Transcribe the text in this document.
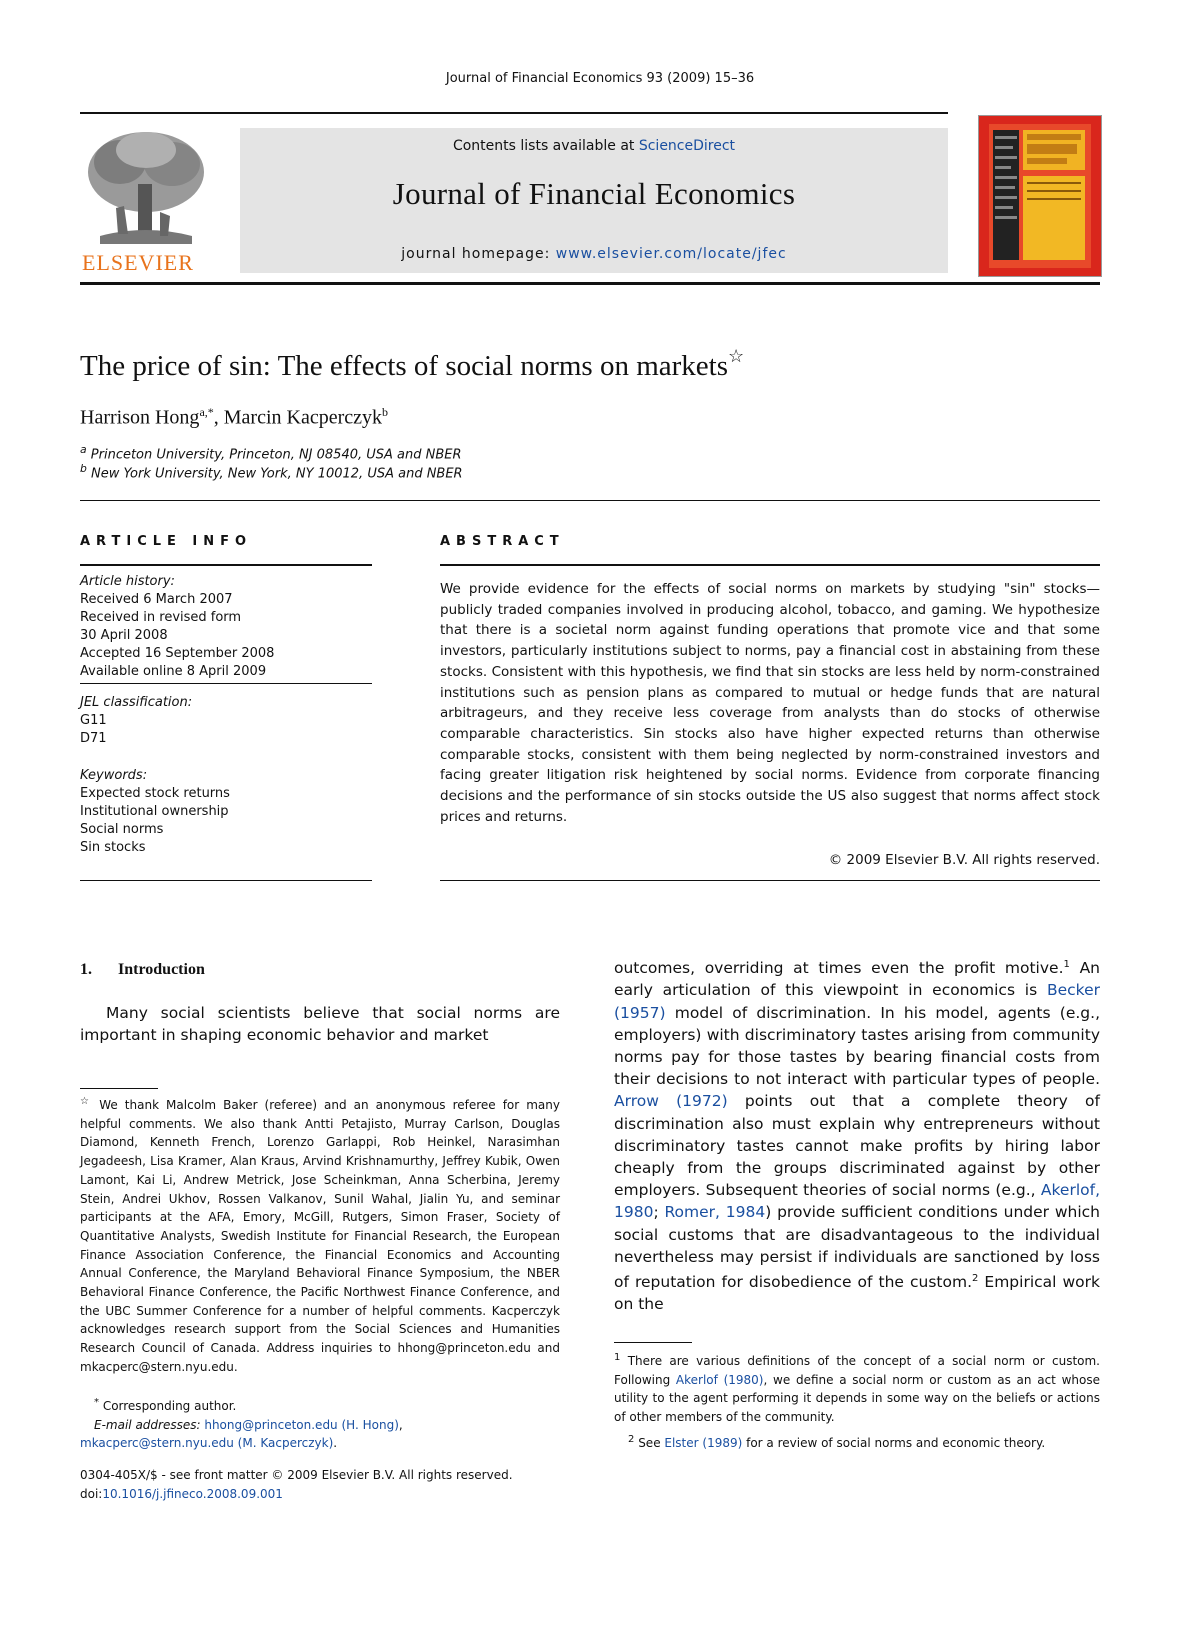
Journal of Financial Economics 93 (2009) 15–36
ELSEVIER
Contents lists available at ScienceDirect
Journal of Financial Economics
journal homepage: www.elsevier.com/locate/jfec
The price of sin: The effects of social norms on markets☆
Harrison Hong$^{a,*}$, Marcin Kacperczyk$^b$
$^a$ Princeton University, Princeton, NJ 08540, USA and NBER
$^b$ New York University, New York, NY 10012, USA and NBER
ARTICLE INFO
Article history:
Received 6 March 2007
Received in revised form
30 April 2008
Accepted 16 September 2008
Available online 8 April 2009
JEL classification:
G11
D71
Keywords:
Expected stock returns
Institutional ownership
Social norms
Sin stocks
ABSTRACT
We provide evidence for the effects of social norms on markets by studying "sin" stocks—publicly traded companies involved in producing alcohol, tobacco, and gaming. We hypothesize that there is a societal norm against funding operations that promote vice and that some investors, particularly institutions subject to norms, pay a financial cost in abstaining from these stocks. Consistent with this hypothesis, we find that sin stocks are less held by norm-constrained institutions such as pension plans as compared to mutual or hedge funds that are natural arbitrageurs, and they receive less coverage from analysts than do stocks of otherwise comparable characteristics. Sin stocks also have higher expected returns than otherwise comparable stocks, consistent with them being neglected by norm-constrained investors and facing greater litigation risk heightened by social norms. Evidence from corporate financing decisions and the performance of sin stocks outside the US also suggest that norms affect stock prices and returns.
© 2009 Elsevier B.V. All rights reserved.
1. Introduction
Many social scientists believe that social norms are important in shaping economic behavior and market
☆ We thank Malcolm Baker (referee) and an anonymous referee for many helpful comments. We also thank Antti Petajisto, Murray Carlson, Douglas Diamond, Kenneth French, Lorenzo Garlappi, Rob Heinkel, Narasimhan Jegadeesh, Lisa Kramer, Alan Kraus, Arvind Krishnamurthy, Jeffrey Kubik, Owen Lamont, Kai Li, Andrew Metrick, Jose Scheinkman, Anna Scherbina, Jeremy Stein, Andrei Ukhov, Rossen Valkanov, Sunil Wahal, Jialin Yu, and seminar participants at the AFA, Emory, McGill, Rutgers, Simon Fraser, Society of Quantitative Analysts, Swedish Institute for Financial Research, the European Finance Association Conference, the Financial Economics and Accounting Annual Conference, the Maryland Behavioral Finance Symposium, the NBER Behavioral Finance Conference, the Pacific Northwest Finance Conference, and the UBC Summer Conference for a number of helpful comments. Kacperczyk acknowledges research support from the Social Sciences and Humanities Research Council of Canada. Address inquiries to hhong@princeton.edu and mkacperc@stern.nyu.edu.
* Corresponding author.
E-mail addresses: hhong@princeton.edu (H. Hong),
mkacperc@stern.nyu.edu (M. Kacperczyk).
0304-405X/$ - see front matter © 2009 Elsevier B.V. All rights reserved.
doi:10.1016/j.jfineco.2008.09.001
outcomes, overriding at times even the profit motive.$^1$ An early articulation of this viewpoint in economics is Becker (1957) model of discrimination. In his model, agents (e.g., employers) with discriminatory tastes arising from community norms pay for those tastes by bearing financial costs from their decisions to not interact with particular types of people. Arrow (1972) points out that a complete theory of discrimination also must explain why entrepreneurs without discriminatory tastes cannot make profits by hiring labor cheaply from the groups discriminated against by other employers. Subsequent theories of social norms (e.g., Akerlof, 1980; Romer, 1984) provide sufficient conditions under which social customs that are disadvantageous to the individual nevertheless may persist if individuals are sanctioned by loss of reputation for disobedience of the custom.$^2$ Empirical work on the
$^1$ There are various definitions of the concept of a social norm or custom. Following Akerlof (1980), we define a social norm or custom as an act whose utility to the agent performing it depends in some way on the beliefs or actions of other members of the community.
$^2$ See Elster (1989) for a review of social norms and economic theory.
